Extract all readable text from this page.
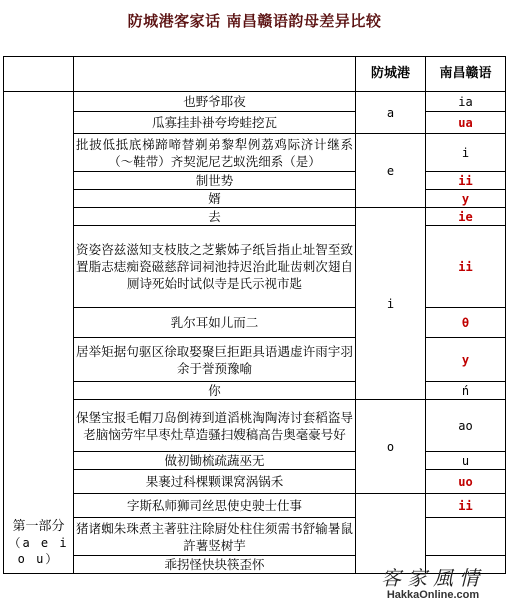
防城港客家话 南昌赣语韵母差异比较
		防城港	南昌赣语

第一部分
（a e i o u）	也野爷耶夜	a	ia
	瓜寡挂卦褂夸垮蛙挖瓦		ua
	批披低抵底梯蹄啼替剃弟黎犁例荔鸡际济计继系（～鞋带）齐契泥尼艺蚁洗细系（是）	e	i
	制世势		ii
	婿		y
	去	i	ie
	资姿咨兹滋知支枝肢之芝紫姊子纸旨指止址智至致置脂志痣痴瓷磁慈辞词祠池持迟治此耻齿刺次翅自厕诗死始时试似寺是氏示视市匙		ii
	乳尔耳如儿而二		θ
	居举矩据句驱区徐取娶聚巨拒距具语遇虚许雨宇羽余于誉预豫喻		y
	你		ń
	保堡宝报毛帽刀岛倒祷到道滔桃淘陶涛讨套稻盗导老脑恼劳牢早枣灶草造骚扫嫂稿高告奥毫豪号好	o	ao
	做初锄梳疏蔬巫无		u
	果裹过科棵颗课窝涡锅禾		uo
	字斯私师狮司丝思使史驶士仕事		ii
	猪诸蜘朱珠煮主著驻注除厨处柱住须需书舒输暑鼠許薯竖树芋		
	乖拐怪快块筷歪怀		
客家風情
HakkaOnline.com
